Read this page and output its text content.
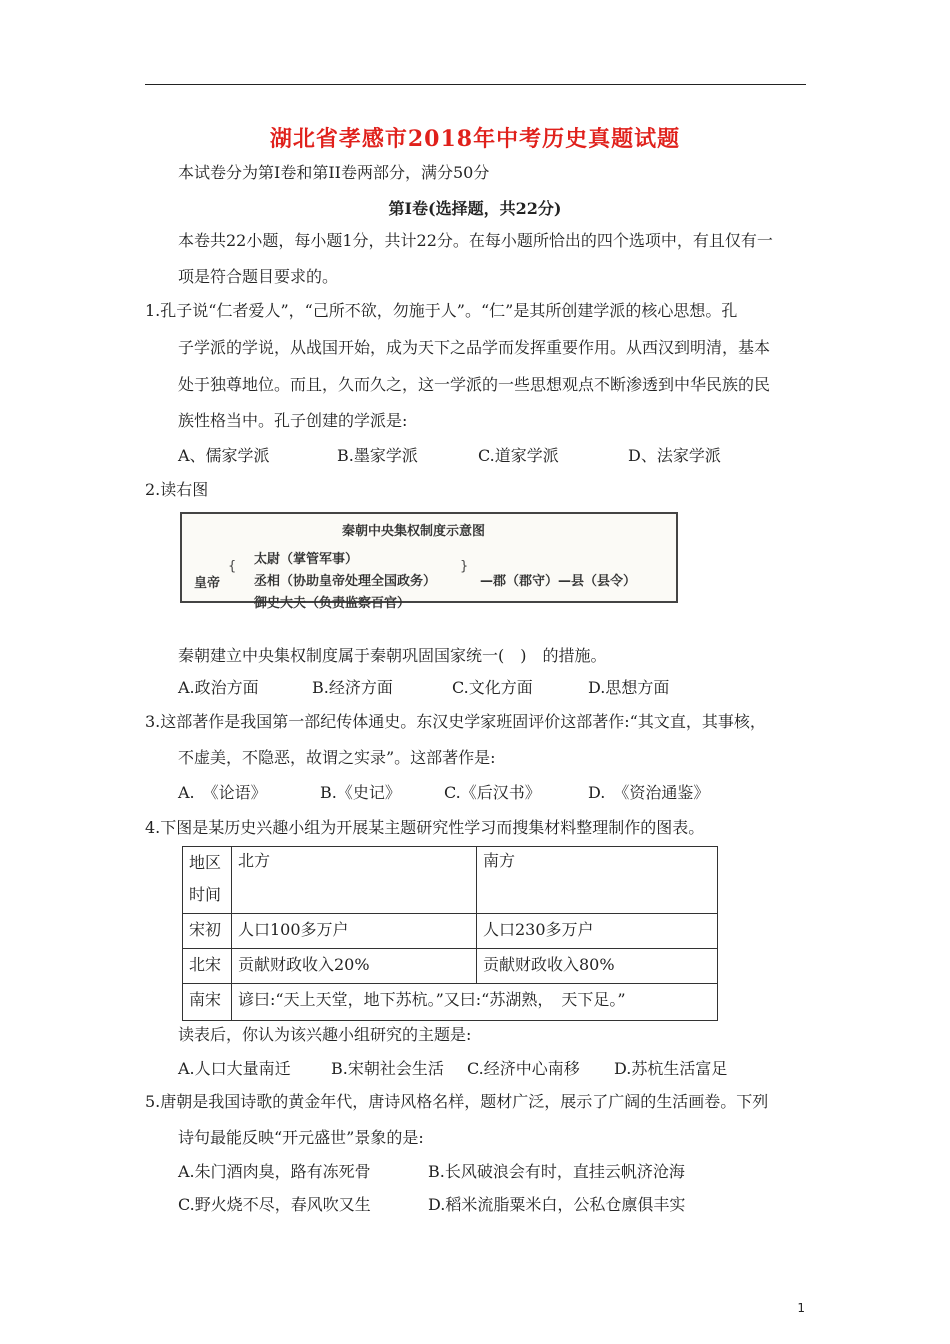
湖北省孝感市2018年中考历史真题试题
本试卷分为第Ⅰ卷和第II卷两部分，满分50分
第Ⅰ卷(选择题，共22分)
本卷共22小题，每小题1分，共计22分。在每小题所恰出的四个选项中，有且仅有一
项是符合题目要求的。
1.孔子说“仁者爱人”，“己所不欲，勿施于人”。“仁”是其所创建学派的核心思想。孔
子学派的学说，从战国开始，成为天下之品学而发挥重要作用。从西汉到明清，基本
处于独尊地位。而且，久而久之，这一学派的一些思想观点不断渗透到中华民族的民
族性格当中。孔子创建的学派是:
A、儒家学派	B.墨家学派	C.道家学派	D、法家学派
2.读右图
秦朝中央集权制度示意图
皇帝
{ 太尉（掌管军事）
丞相（协助皇帝处理全国政务）
御史大夫（负责监察百官）
}
—郡（郡守）—县（县令）
秦朝建立中央集权制度属于秦朝巩固国家统一(　)　的措施。
A.政治方面	B.经济方面	C.文化方面	D.思想方面
3.这部著作是我国第一部纪传体通史。东汉史学家班固评价这部著作:“其文直，其事核，
不虚美，不隐恶，故谓之实录”。这部著作是:
A.　《论语》	B.《史记》	C.《后汉书》	D.　《资治通鉴》
4.下图是某历史兴趣小组为开展某主题研究性学习而搜集材料整理制作的图表。
地区
时间	北方	南方
宋初	人口100多万户	人口230多万户
北宋	贡献财政收入20%	贡献财政收入80%
南宋	谚曰:“天上天堂，地下苏杭。”又曰:“苏湖熟，　天下足。”	
读表后，你认为该兴趣小组研究的主题是:
A.人口大量南迁	B.宋朝社会生活 C.经济中心南移 D.苏杭生活富足
5.唐朝是我国诗歌的黄金年代，唐诗风格名样，题材广泛，展示了广阔的生活画卷。下列
诗句最能反映“开元盛世”景象的是:
A.朱门酒肉臭，路有冻死骨	B.长风破浪会有时，直挂云帆济沧海
C.野火烧不尽，春风吹又生	D.稻米流脂粟米白，公私仓廪俱丰实
1
